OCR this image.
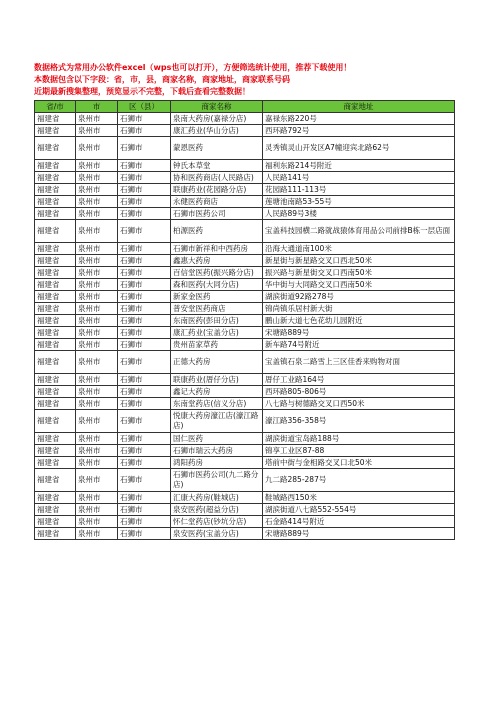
数据格式为常用办公软件excel（wps也可以打开），方便筛选统计使用，推荐下载使用！
本数据包含以下字段：省，市，县，商家名称，商家地址，商家联系号码
近期最新搜集整理，预览显示不完整，下载后查看完整数据！
省/市	市	区（县）	商家名称	商家地址
福建省	泉州市	石狮市	泉南大药房(嘉禄分店)	嘉禄东路220号
福建省	泉州市	石狮市	康汇药业(华山分店)	西环路792号
福建省	泉州市	石狮市	蒙恩医药	灵秀镇灵山开发区A7幢迎宾北路62号
福建省	泉州市	石狮市	钟氏本草堂	福利东路214号附近
福建省	泉州市	石狮市	协和医药商店(人民路店)	人民路141号
福建省	泉州市	石狮市	联康药业(花园路分店)	花园路111-113号
福建省	泉州市	石狮市	永健医药商店	莲塘池南路53-55号
福建省	泉州市	石狮市	石狮市医药公司	人民路89号3楼
福建省	泉州市	石狮市	柏源医药	宝盖科技园横二路就战猿体育用品公司前排B栋一层店面
福建省	泉州市	石狮市	石狮市新祥和中西药房	沿海大通道南100米
福建省	泉州市	石狮市	鑫惠大药房	新星街与新星路交叉口西北50米
福建省	泉州市	石狮市	百信堂医药(振兴路分店)	振兴路与新星街交叉口西南50米
福建省	泉州市	石狮市	森和医药(大同分店)	华中街与大同路交叉口西南50米
福建省	泉州市	石狮市	新家金医药	湖滨街道92路278号
福建省	泉州市	石狮市	普安堂医药商店	锦尚镇乐居村新大街
福建省	泉州市	石狮市	东南医药(彭田分店)	鹏山新大道七色花幼儿园附近
福建省	泉州市	石狮市	康汇药业(宝盖分店)	宋塘路889号
福建省	泉州市	石狮市	贵州苗家草药	新车路74号附近
福建省	泉州市	石狮市	正德大药房	宝盖镇石泉二路雪上三区佳香来购物对面
福建省	泉州市	石狮市	联康药业(厝仔分店)	厝仔工业路164号
福建省	泉州市	石狮市	鑫记大药房	西环路805-806号
福建省	泉州市	石狮市	东南堂药店(信义分店)	八七路与树德路交叉口西50米
福建省	泉州市	石狮市	悦康大药房濠江店(濠江路店)	濠江路356-358号
福建省	泉州市	石狮市	国仁医药	湖滨街道宝岛路188号
福建省	泉州市	石狮市	石狮市瑞云大药房	锦享工业区87-88
福建省	泉州市	石狮市	鸿阳药房	塔前中街与金相路交叉口北50米
福建省	泉州市	石狮市	石狮市医药公司(九二路分店)	九二路285-287号
福建省	泉州市	石狮市	汇康大药房(鞋城店)	鞋城路西150米
福建省	泉州市	石狮市	泉安医药(超益分店)	湖滨街道八七路552-554号
福建省	泉州市	石狮市	怀仁堂药店(钞坑分店)	石金路414号附近
福建省	泉州市	石狮市	泉安医药(宝盖分店)	宋塘路889号
